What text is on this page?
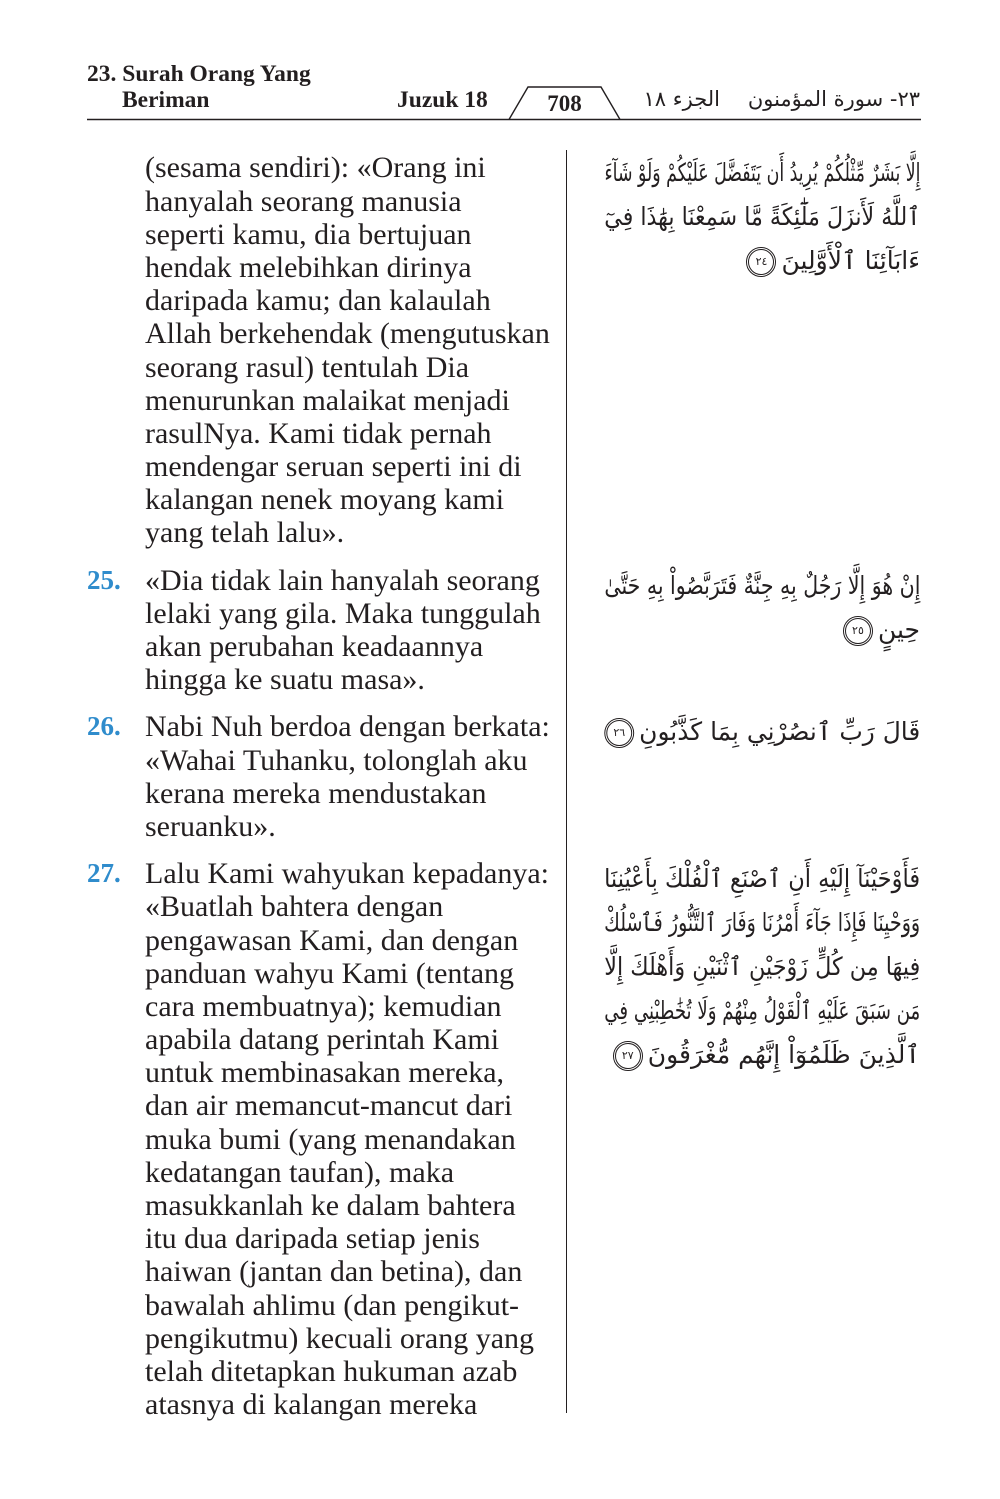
23. Surah Orang Yang
Beriman	Juzuk 18	708	الجزء ١٨ ٢٣- سورة المؤمنون
(sesama sendiri): «Orang ini
hanyalah seorang manusia
seperti kamu, dia bertujuan
hendak melebihkan dirinya
daripada kamu; dan kalaulah
Allah berkehendak (mengutuskan
seorang rasul) tentulah Dia
menurunkan malaikat menjadi
rasulNya. Kami tidak pernah
mendengar seruan seperti ini di
kalangan nenek moyang kami
yang telah lalu».
إِلَّا بَشَرٌ مِّثْلُكُمْ يُرِيدُ أَن يَتَفَضَّلَ عَلَيْكُمْ وَلَوْ شَآءَ
ٱللَّهُ لَأَنزَلَ مَلَٰٓئِكَةً مَّا سَمِعْنَا بِهَٰذَا فِيٓ
ءَابَآئِنَا ٱلْأَوَّلِينَ٢٤
25. «Dia tidak lain hanyalah seorang
lelaki yang gila. Maka tunggulah
akan perubahan keadaannya
hingga ke suatu masa».
إِنْ هُوَ إِلَّا رَجُلٌ بِهِ جِنَّةٌ فَتَرَبَّصُواْ بِهِ حَتَّىٰ
حِينٍ٢٥
26. Nabi Nuh berdoa dengan berkata:
«Wahai Tuhanku, tolonglah aku
kerana mereka mendustakan
seruanku».
قَالَ رَبِّ ٱنصُرْنِي بِمَا كَذَّبُونِ٢٦
27. Lalu Kami wahyukan kepadanya:
«Buatlah bahtera dengan
pengawasan Kami, dan dengan
panduan wahyu Kami (tentang
cara membuatnya); kemudian
apabila datang perintah Kami
untuk membinasakan mereka,
dan air memancut-mancut dari
muka bumi (yang menandakan
kedatangan taufan), maka
masukkanlah ke dalam bahtera
itu dua daripada setiap jenis
haiwan (jantan dan betina), dan
bawalah ahlimu (dan pengikut-
pengikutmu) kecuali orang yang
telah ditetapkan hukuman azab
atasnya di kalangan mereka
فَأَوْحَيْنَآ إِلَيْهِ أَنِ ٱصْنَعِ ٱلْفُلْكَ بِأَعْيُنِنَا
وَوَحْيِنَا فَإِذَا جَآءَ أَمْرُنَا وَفَارَ ٱلتَّنُّورُ فَٱسْلُكْ
فِيهَا مِن كُلٍّ زَوْجَيْنِ ٱثْنَيْنِ وَأَهْلَكَ إِلَّا
مَن سَبَقَ عَلَيْهِ ٱلْقَوْلُ مِنْهُمْ وَلَا تُخَٰطِبْنِي فِي
ٱلَّذِينَ ظَلَمُوٓاْ إِنَّهُم مُّغْرَقُونَ٢٧
